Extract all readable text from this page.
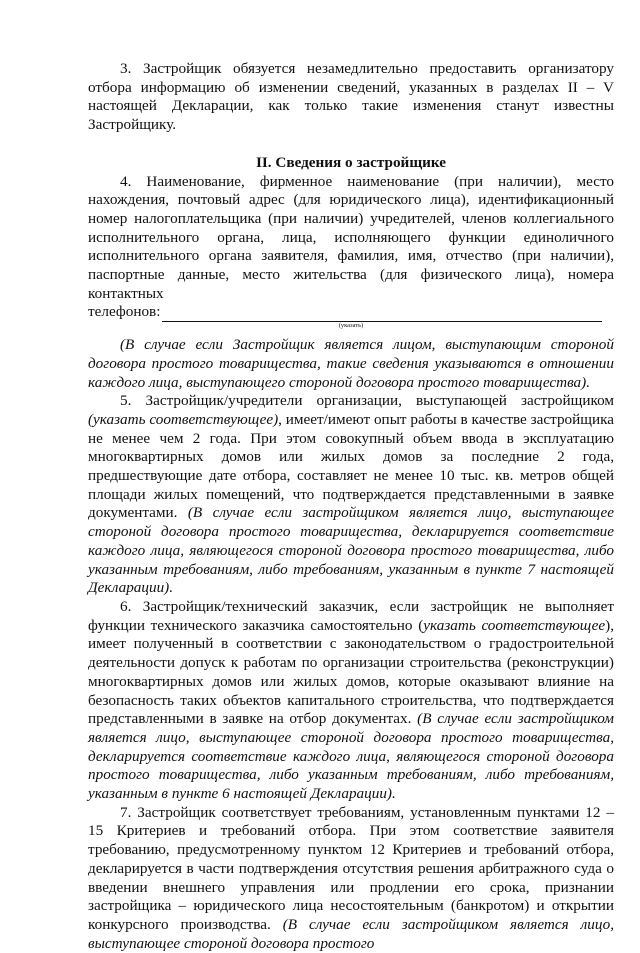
3. Застройщик обязуется незамедлительно предоставить организатору отбора информацию об изменении сведений, указанных в разделах II – V настоящей Декларации, как только такие изменения станут известны Застройщику.

II. Сведения о застройщике

4. Наименование, фирменное наименование (при наличии), место нахождения, почтовый адрес (для юридического лица), идентификационный номер налогоплательщика (при наличии) учредителей, членов коллегиального исполнительного органа, лица, исполняющего функции единоличного исполнительного органа заявителя, фамилия, имя, отчество (при наличии), паспортные данные, место жительства (для физического лица), номера контактных

телефонов:

(указать)

(В случае если Застройщик является лицом, выступающим стороной договора простого товарищества, такие сведения указываются в отношении каждого лица, выступающего стороной договора простого товарищества).

5. Застройщик/учредители организации, выступающей застройщиком (указать соответствующее), имеет/имеют опыт работы в качестве застройщика не менее чем 2 года. При этом совокупный объем ввода в эксплуатацию многоквартирных домов или жилых домов за последние 2 года, предшествующие дате отбора, составляет не менее 10 тыс. кв. метров общей площади жилых помещений, что подтверждается представленными в заявке документами. (В случае если застройщиком является лицо, выступающее стороной договора простого товарищества, декларируется соответствие каждого лица, являющегося стороной договора простого товарищества, либо указанным требованиям, либо требованиям, указанным в пункте 7 настоящей Декларации).

6. Застройщик/технический заказчик, если застройщик не выполняет функции технического заказчика самостоятельно (указать соответствующее), имеет полученный в соответствии с законодательством о градостроительной деятельности допуск к работам по организации строительства (реконструкции) многоквартирных домов или жилых домов, которые оказывают влияние на безопасность таких объектов капитального строительства, что подтверждается представленными в заявке на отбор документах. (В случае если застройщиком является лицо, выступающее стороной договора простого товарищества, декларируется соответствие каждого лица, являющегося стороной договора простого товарищества, либо указанным требованиям, либо требованиям, указанным в пункте 6 настоящей Декларации).

7. Застройщик соответствует требованиям, установленным пунктами 12 – 15 Критериев и требований отбора. При этом соответствие заявителя требованию, предусмотренному пунктом 12 Критериев и требований отбора, декларируется в части подтверждения отсутствия решения арбитражного суда о введении внешнего управления или продлении его срока, признании застройщика – юридического лица несостоятельным (банкротом) и открытии конкурсного производства. (В случае если застройщиком является лицо, выступающее стороной договора простого
